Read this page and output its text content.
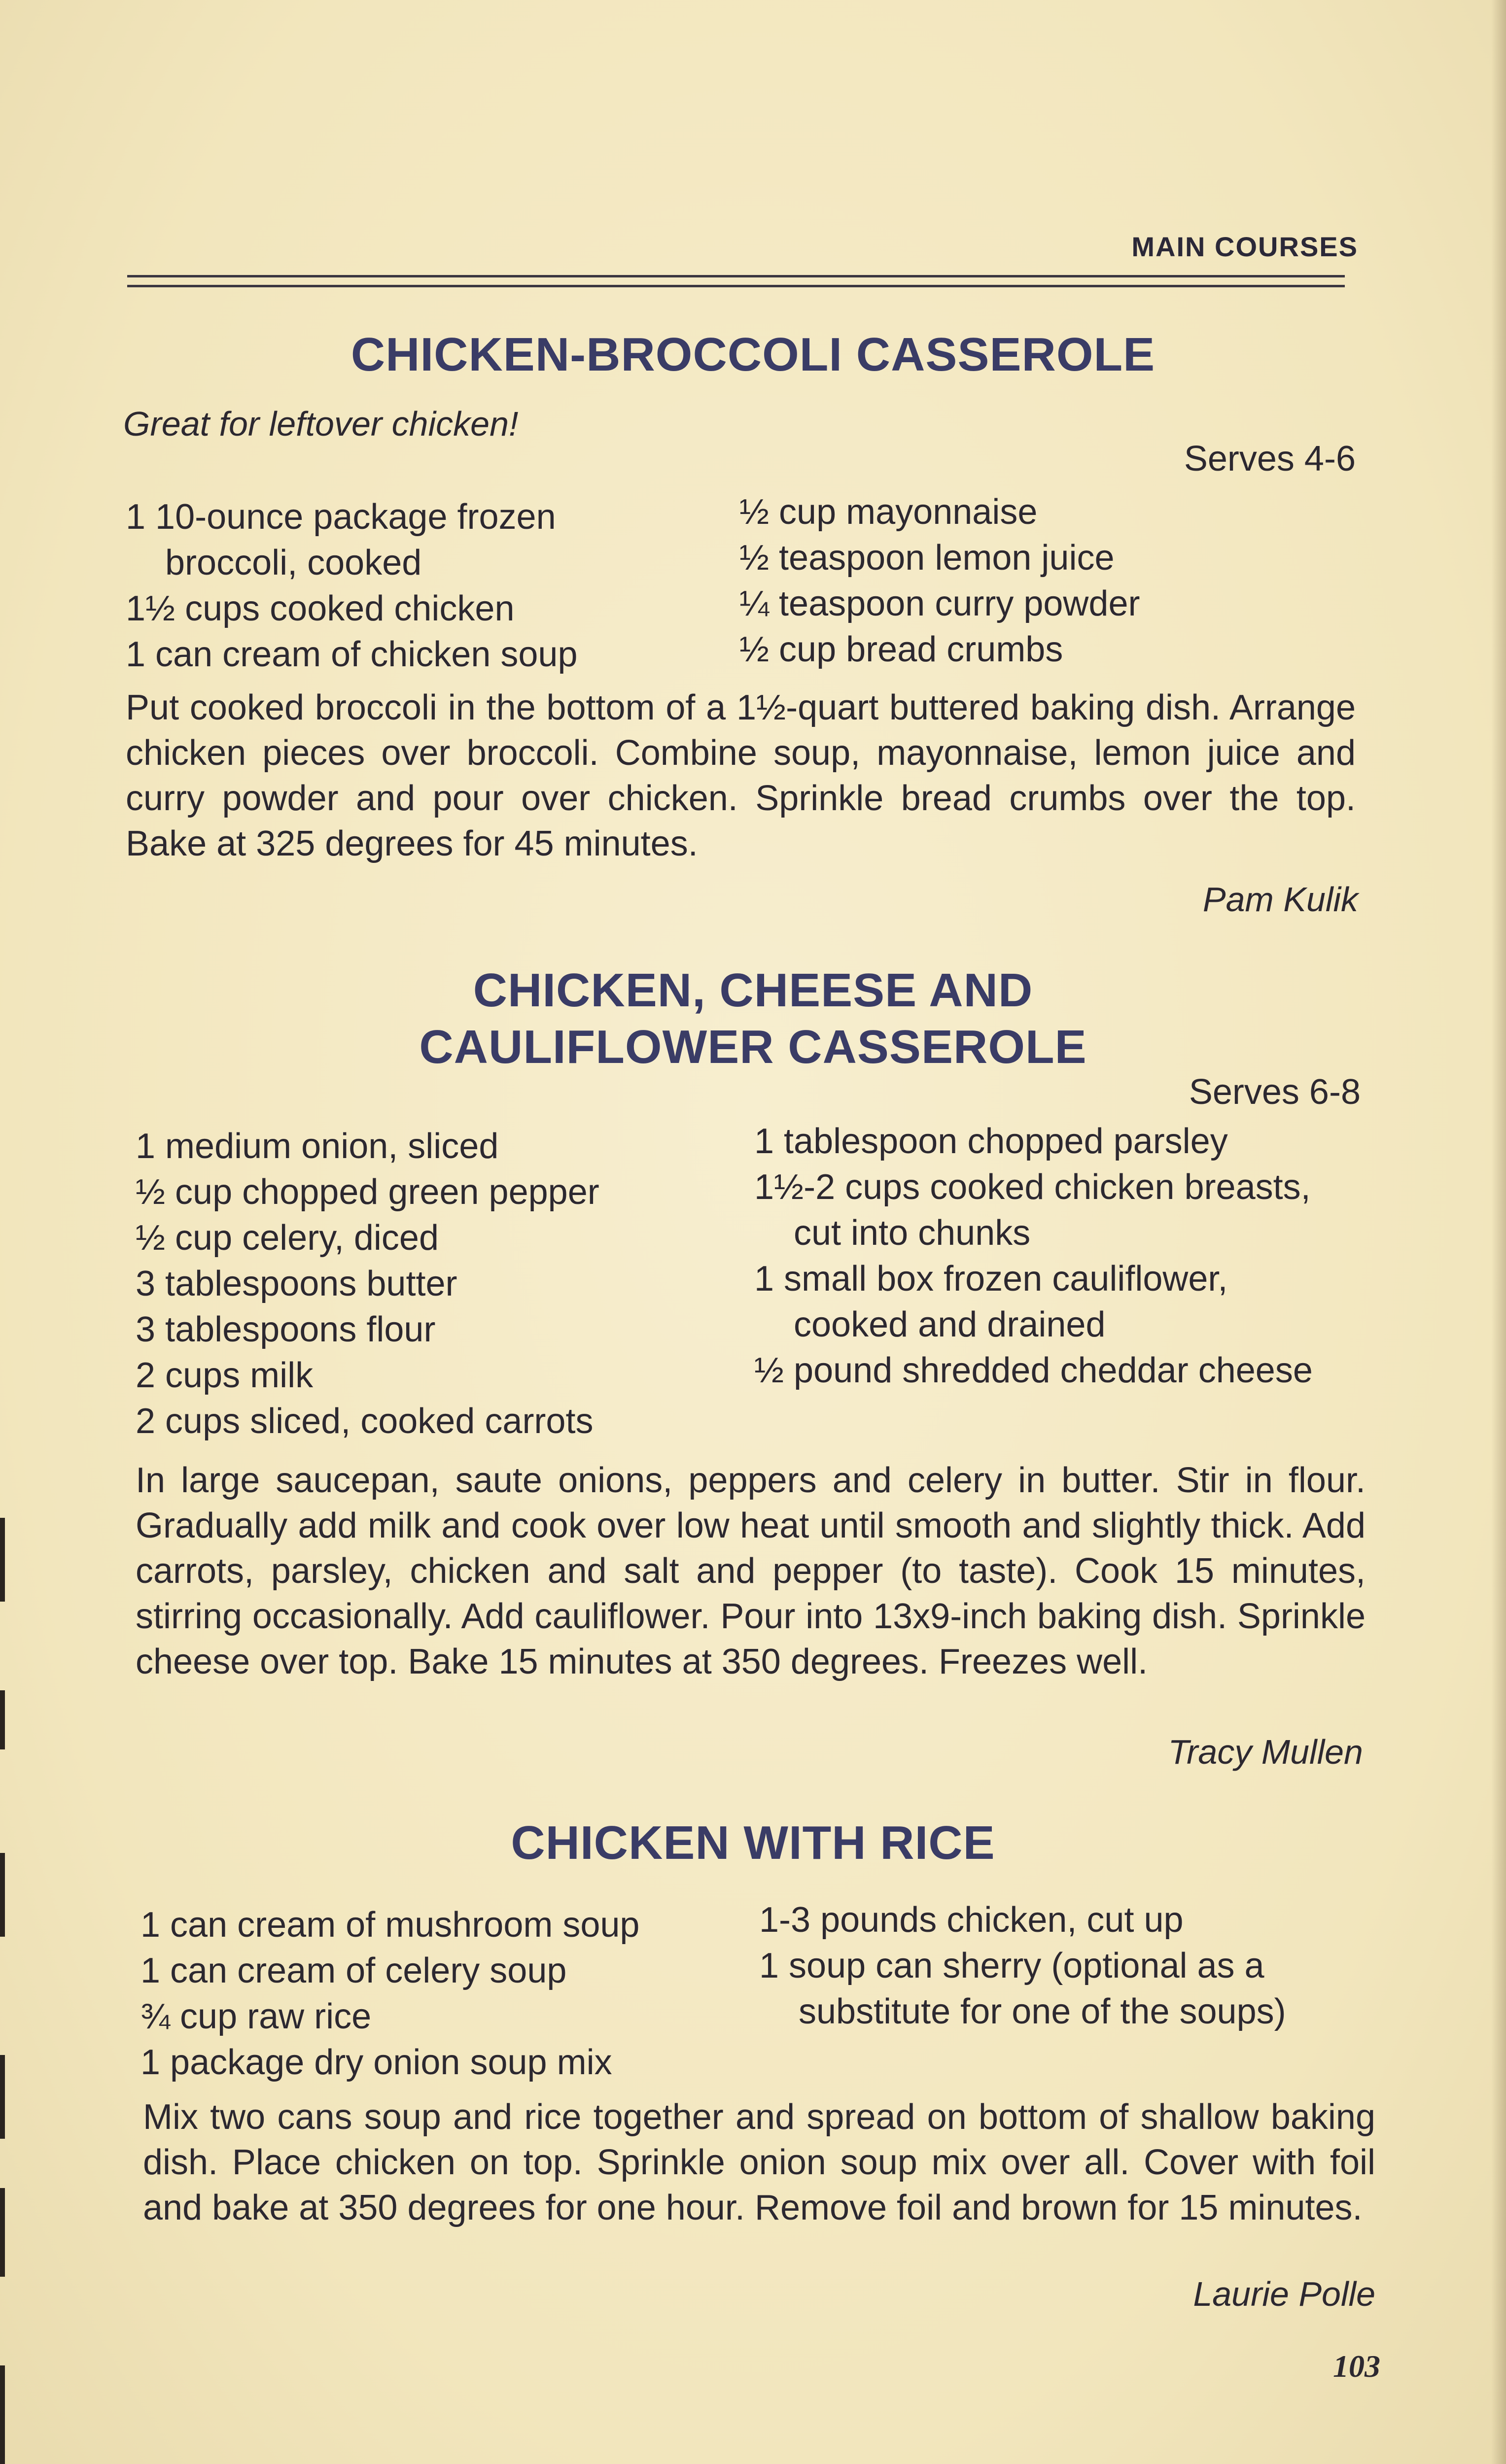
MAIN COURSES
CHICKEN-BROCCOLI CASSEROLE
Great for leftover chicken!
Serves 4-6
1 10-ounce package frozen
broccoli, cooked
1½ cups cooked chicken
1 can cream of chicken soup
½ cup mayonnaise
½ teaspoon lemon juice
¼ teaspoon curry powder
½ cup bread crumbs
Put cooked broccoli in the bottom of a 1½-quart buttered baking dish. Arrange chicken pieces over broccoli. Combine soup, mayonnaise, lemon juice and curry powder and pour over chicken. Sprinkle bread crumbs over the top. Bake at 325 degrees for 45 minutes.
Pam Kulik
CHICKEN, CHEESE AND
CAULIFLOWER CASSEROLE
Serves 6-8
1 medium onion, sliced
½ cup chopped green pepper
½ cup celery, diced
3 tablespoons butter
3 tablespoons flour
2 cups milk
2 cups sliced, cooked carrots
1 tablespoon chopped parsley
1½-2 cups cooked chicken breasts,
cut into chunks
1 small box frozen cauliflower,
cooked and drained
½ pound shredded cheddar cheese
In large saucepan, saute onions, peppers and celery in butter. Stir in flour. Gradually add milk and cook over low heat until smooth and slightly thick. Add carrots, parsley, chicken and salt and pepper (to taste). Cook 15 minutes, stirring occasionally. Add cauliflower. Pour into 13x9-inch baking dish. Sprinkle cheese over top. Bake 15 minutes at 350 degrees. Freezes well.
Tracy Mullen
CHICKEN WITH RICE
1 can cream of mushroom soup
1 can cream of celery soup
¾ cup raw rice
1 package dry onion soup mix
1-3 pounds chicken, cut up
1 soup can sherry (optional as a
substitute for one of the soups)
Mix two cans soup and rice together and spread on bottom of shallow baking dish. Place chicken on top. Sprinkle onion soup mix over all. Cover with foil and bake at 350 degrees for one hour. Remove foil and brown for 15 minutes.
Laurie Polle
103
